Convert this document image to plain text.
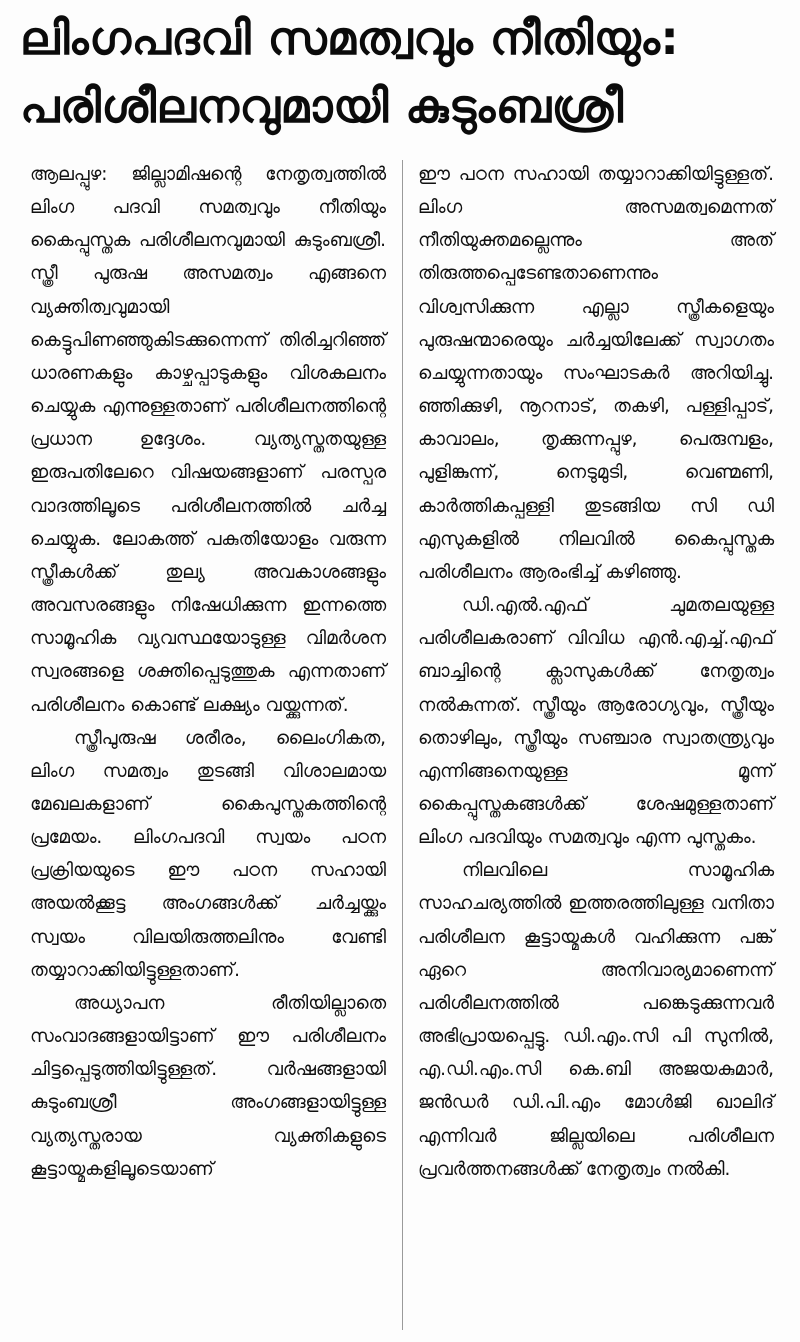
ലിംഗപദവി സമത്വവും നീതിയും:
പരിശീലനവുമായി കുടുംബശ്രീ

ആലപ്പുഴ: ജില്ലാമിഷന്റെ നേതൃത്വത്തിൽ ലിംഗ പദവി സമത്വവും നീതിയും കൈപ്പുസ്തക പരിശീലനവുമായി കുടുംബശ്രീ. സ്ത്രീ പുരുഷ അസമത്വം എങ്ങനെ വ്യക്തിത്വവുമായി കെട്ടുപിണഞ്ഞുകിടക്കുന്നെന്ന് തിരിച്ചറിഞ്ഞ് ധാരണകളും കാഴ്ചപ്പാടുകളും വിശകലനം ചെയ്യുക എന്നുള്ളതാണ് പരിശീലനത്തിന്റെ പ്രധാന ഉദ്ദേശം. വ്യത്യസ്തതയുള്ള ഇരുപതിലേറെ വിഷയങ്ങളാണ് പരസ്പര വാദത്തിലൂടെ പരിശീലനത്തിൽ ചർച്ച ചെയ്യുക. ലോകത്ത് പകുതിയോളം വരുന്ന സ്ത്രീകൾക്ക് തുല്യ അവകാശങ്ങളും അവസരങ്ങളും നിഷേധിക്കുന്ന ഇന്നത്തെ സാമൂഹിക വ്യവസ്ഥയോടുള്ള വിമർശന സ്വരങ്ങളെ ശക്തിപ്പെടുത്തുക എന്നതാണ് പരിശീലനം കൊണ്ട് ലക്ഷ്യം വയ്ക്കുന്നത്.

സ്ത്രീപുരുഷ ശരീരം, ലൈംഗികത, ലിംഗ സമത്വം തുടങ്ങി വിശാലമായ മേഖലകളാണ് കൈപുസ്തകത്തിന്റെ പ്രമേയം. ലിംഗപദവി സ്വയം പഠന പ്രക്രിയയുടെ ഈ പഠന സഹായി അയൽക്കൂട്ട അംഗങ്ങൾക്ക് ചർച്ചയ്ക്കും സ്വയം വിലയിരുത്തലിനും വേണ്ടി തയ്യാറാക്കിയിട്ടുള്ളതാണ്.

അധ്യാപന രീതിയില്ലാതെ സംവാദങ്ങളായിട്ടാണ് ഈ പരിശീലനം ചിട്ടപ്പെടുത്തിയിട്ടുള്ളത്. വർഷങ്ങളായി കുടുംബശ്രീ അംഗങ്ങളായിട്ടുള്ള വ്യത്യസ്തരായ വ്യക്തികളുടെ കൂട്ടായ്മകളിലൂടെയാണ്

ഈ പഠന സഹായി തയ്യാറാക്കിയിട്ടുള്ളത്. ലിംഗ അസമത്വമെന്നത് നീതിയുക്തമല്ലെന്നും അത് തിരുത്തപ്പെടേണ്ടതാണെന്നും വിശ്വസിക്കുന്ന എല്ലാ സ്ത്രീകളെയും പുരുഷന്മാരെയും ചർച്ചയിലേക്ക് സ്വാഗതം ചെയ്യുന്നതായും സംഘാടകർ അറിയിച്ചു. ഞ്ഞിക്കുഴി, നൂറനാട്, തകഴി, പള്ളിപ്പാട്, കാവാലം, തൃക്കുന്നപ്പുഴ, പെരുമ്പളം, പുളിങ്കുന്ന്, നെടുമുടി, വെണ്മണി, കാർത്തികപ്പള്ളി തുടങ്ങിയ സി ഡി എസുകളിൽ നിലവിൽ കൈപ്പുസ്തക പരിശീലനം ആരംഭിച്ച് കഴിഞ്ഞു.

ഡി.എൽ.എഫ് ചുമതലയുള്ള പരിശീലകരാണ് വിവിധ എൻ.എച്ച്.എഫ് ബാച്ചിന്റെ ക്ലാസുകൾക്ക് നേതൃത്വം നൽകുന്നത്. സ്ത്രീയും ആരോഗ്യവും, സ്ത്രീയും തൊഴിലും, സ്ത്രീയും സഞ്ചാര സ്വാതന്ത്ര്യവും എന്നിങ്ങനെയുള്ള മൂന്ന് കൈപ്പുസ്തകങ്ങൾക്ക് ശേഷമുള്ളതാണ് ലിംഗ പദവിയും സമത്വവും എന്ന പുസ്തകം.

നിലവിലെ സാമൂഹിക സാഹചര്യത്തിൽ ഇത്തരത്തിലുള്ള വനിതാ പരിശീലന കൂട്ടായ്മകൾ വഹിക്കുന്ന പങ്ക് ഏറെ അനിവാര്യമാണെന്ന് പരിശീലനത്തിൽ പങ്കെടുക്കുന്നവർ അഭിപ്രായപ്പെട്ടു. ഡി.എം.സി പി സുനിൽ, എ.ഡി.എം.സി കെ.ബി അജയകുമാർ, ജൻഡർ ഡി.പി.എം മോൾജി ഖാലിദ് എന്നിവർ ജില്ലയിലെ പരിശീലന പ്രവർത്തനങ്ങൾക്ക് നേതൃത്വം നൽകി.
